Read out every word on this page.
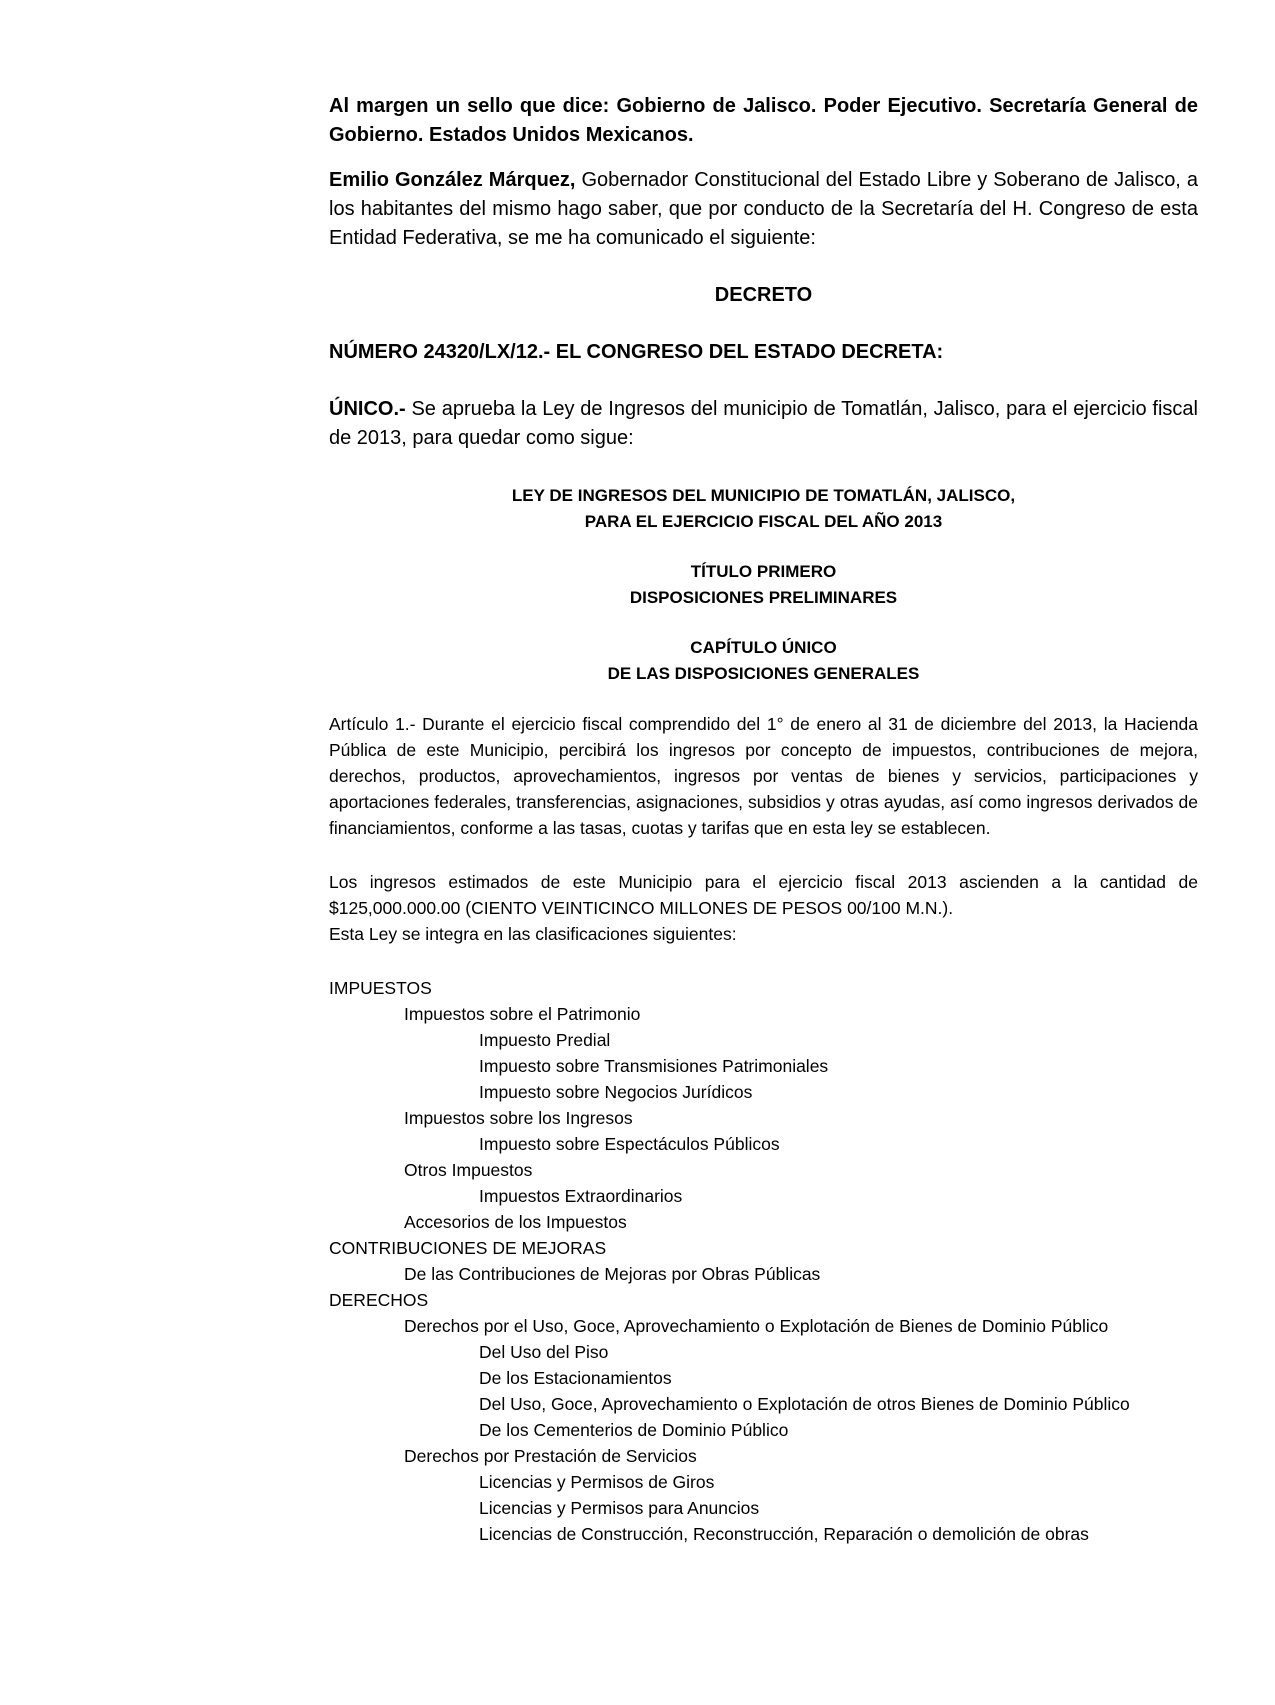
Al margen un sello que dice: Gobierno de Jalisco. Poder Ejecutivo. Secretaría General de Gobierno. Estados Unidos Mexicanos.

Emilio González Márquez, Gobernador Constitucional del Estado Libre y Soberano de Jalisco, a los habitantes del mismo hago saber, que por conducto de la Secretaría del H. Congreso de esta Entidad Federativa, se me ha comunicado el siguiente:

DECRETO

NÚMERO 24320/LX/12.- EL CONGRESO DEL ESTADO DECRETA:

ÚNICO.- Se aprueba la Ley de Ingresos del municipio de Tomatlán, Jalisco, para el ejercicio fiscal de 2013, para quedar como sigue:

LEY DE INGRESOS DEL MUNICIPIO DE TOMATLÁN, JALISCO,

PARA EL EJERCICIO FISCAL DEL AÑO 2013

TÍTULO PRIMERO

DISPOSICIONES PRELIMINARES

CAPÍTULO ÚNICO

DE LAS DISPOSICIONES GENERALES

Artículo 1.- Durante el ejercicio fiscal comprendido del 1° de enero al 31 de diciembre del 2013, la Hacienda Pública de este Municipio, percibirá los ingresos por concepto de impuestos, contribuciones de mejora, derechos, productos, aprovechamientos, ingresos por ventas de bienes y servicios, participaciones y aportaciones federales, transferencias, asignaciones, subsidios y otras ayudas, así como ingresos derivados de financiamientos, conforme a las tasas, cuotas y tarifas que en esta ley se establecen.

Los ingresos estimados de este Municipio para el ejercicio fiscal 2013 ascienden a la cantidad de $125,000.000.00 (CIENTO VEINTICINCO MILLONES DE PESOS 00/100 M.N.).

Esta Ley se integra en las clasificaciones siguientes:

IMPUESTOS
Impuestos sobre el Patrimonio
Impuesto Predial
Impuesto sobre Transmisiones Patrimoniales
Impuesto sobre Negocios Jurídicos
Impuestos sobre los Ingresos
Impuesto sobre Espectáculos Públicos
Otros Impuestos
Impuestos Extraordinarios
Accesorios de los Impuestos
CONTRIBUCIONES DE MEJORAS
De las Contribuciones de Mejoras por Obras Públicas
DERECHOS
Derechos por el Uso, Goce, Aprovechamiento o Explotación de Bienes de Dominio Público
Del Uso del Piso
De los Estacionamientos
Del Uso, Goce, Aprovechamiento o Explotación de otros Bienes de Dominio Público
De los Cementerios de Dominio Público
Derechos por Prestación de Servicios
Licencias y Permisos de Giros
Licencias y Permisos para Anuncios
Licencias de Construcción, Reconstrucción, Reparación o demolición de obras
